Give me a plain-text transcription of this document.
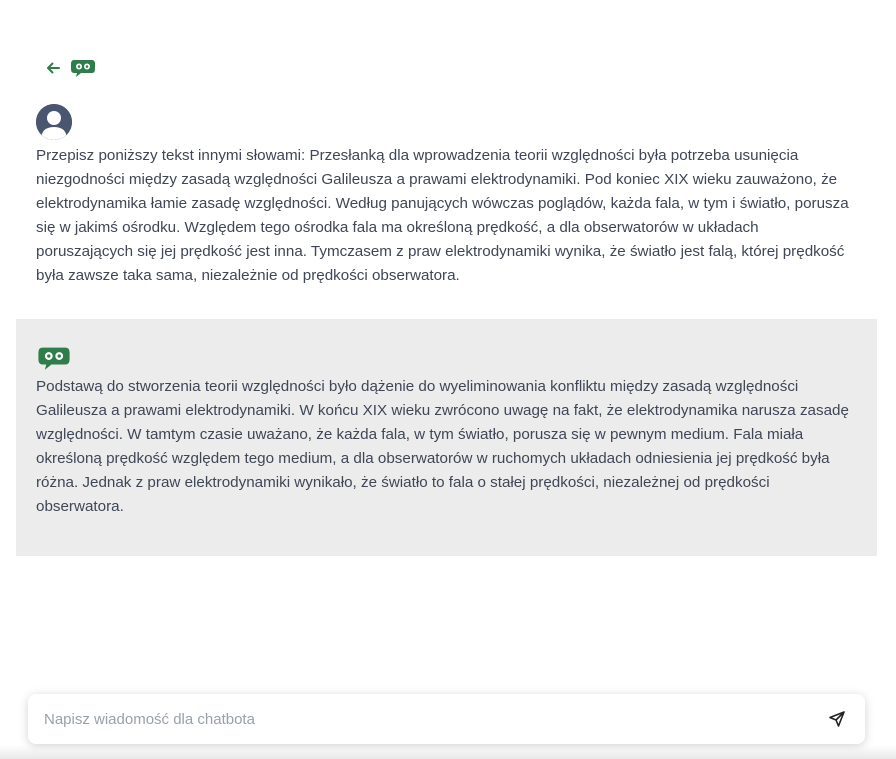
Przepisz poniższy tekst innymi słowami: Przesłanką dla wprowadzenia teorii względności była potrzeba usunięcia niezgodności między zasadą względności Galileusza a prawami elektrodynamiki. Pod koniec XIX wieku zauważono, że elektrodynamika łamie zasadę względności. Według panujących wówczas poglądów, każda fala, w tym i światło, porusza się w jakimś ośrodku. Względem tego ośrodka fala ma określoną prędkość, a dla obserwatorów w układach poruszających się jej prędkość jest inna. Tymczasem z praw elektrodynamiki wynika, że światło jest falą, której prędkość była zawsze taka sama, niezależnie od prędkości obserwatora.

Podstawą do stworzenia teorii względności było dążenie do wyeliminowania konfliktu między zasadą względności Galileusza a prawami elektrodynamiki. W końcu XIX wieku zwrócono uwagę na fakt, że elektrodynamika narusza zasadę względności. W tamtym czasie uważano, że każda fala, w tym światło, porusza się w pewnym medium. Fala miała określoną prędkość względem tego medium, a dla obserwatorów w ruchomych układach odniesienia jej prędkość była różna. Jednak z praw elektrodynamiki wynikało, że światło to fala o stałej prędkości, niezależnej od prędkości obserwatora.

Napisz wiadomość dla chatbota
